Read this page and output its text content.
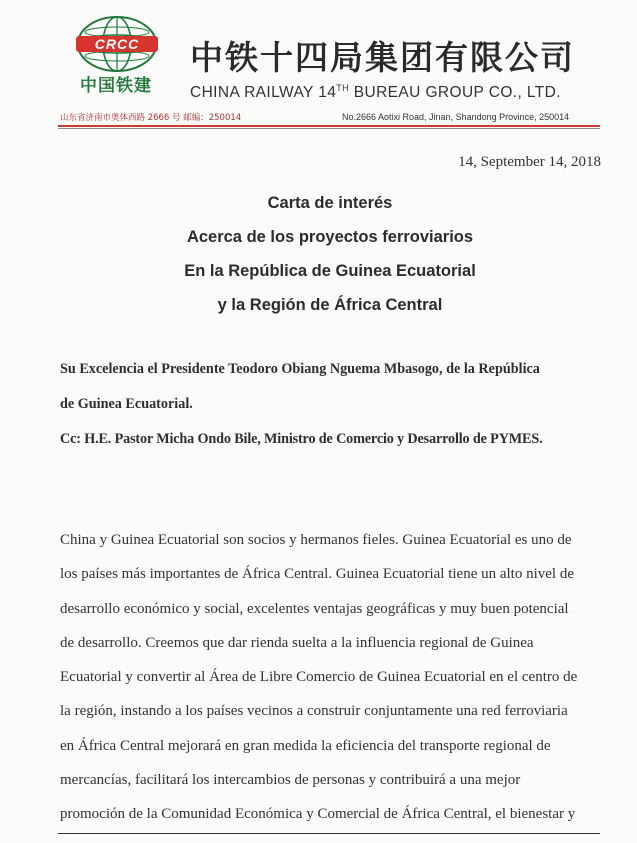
CRCC
中国铁建
中铁十四局集团有限公司
CHINA RAILWAY 14TH BUREAU GROUP CO., LTD.
山东省济南市奥体西路 2666 号 邮编：250014	No.2666 Aotixi Road, Jinan, Shandong Province, 250014
14, September 14, 2018
Carta de interés
Acerca de los proyectos ferroviarios
En la República de Guinea Ecuatorial
y la Región de África Central
Su Excelencia el Presidente Teodoro Obiang Nguema Mbasogo, de la República
de Guinea Ecuatorial.
Cc: H.E. Pastor Micha Ondo Bile, Ministro de Comercio y Desarrollo de PYMES.
China y Guinea Ecuatorial son socios y hermanos fieles. Guinea Ecuatorial es uno de
los países más importantes de África Central. Guinea Ecuatorial tiene un alto nivel de
desarrollo económico y social, excelentes ventajas geográficas y muy buen potencial
de desarrollo. Creemos que dar rienda suelta a la influencia regional de Guinea
Ecuatorial y convertir al Área de Libre Comercio de Guinea Ecuatorial en el centro de
la región, instando a los países vecinos a construir conjuntamente una red ferroviaria
en África Central mejorará en gran medida la eficiencia del transporte regional de
mercancías, facilitará los intercambios de personas y contribuirá a una mejor
promoción de la Comunidad Económica y Comercial de África Central, el bienestar y
